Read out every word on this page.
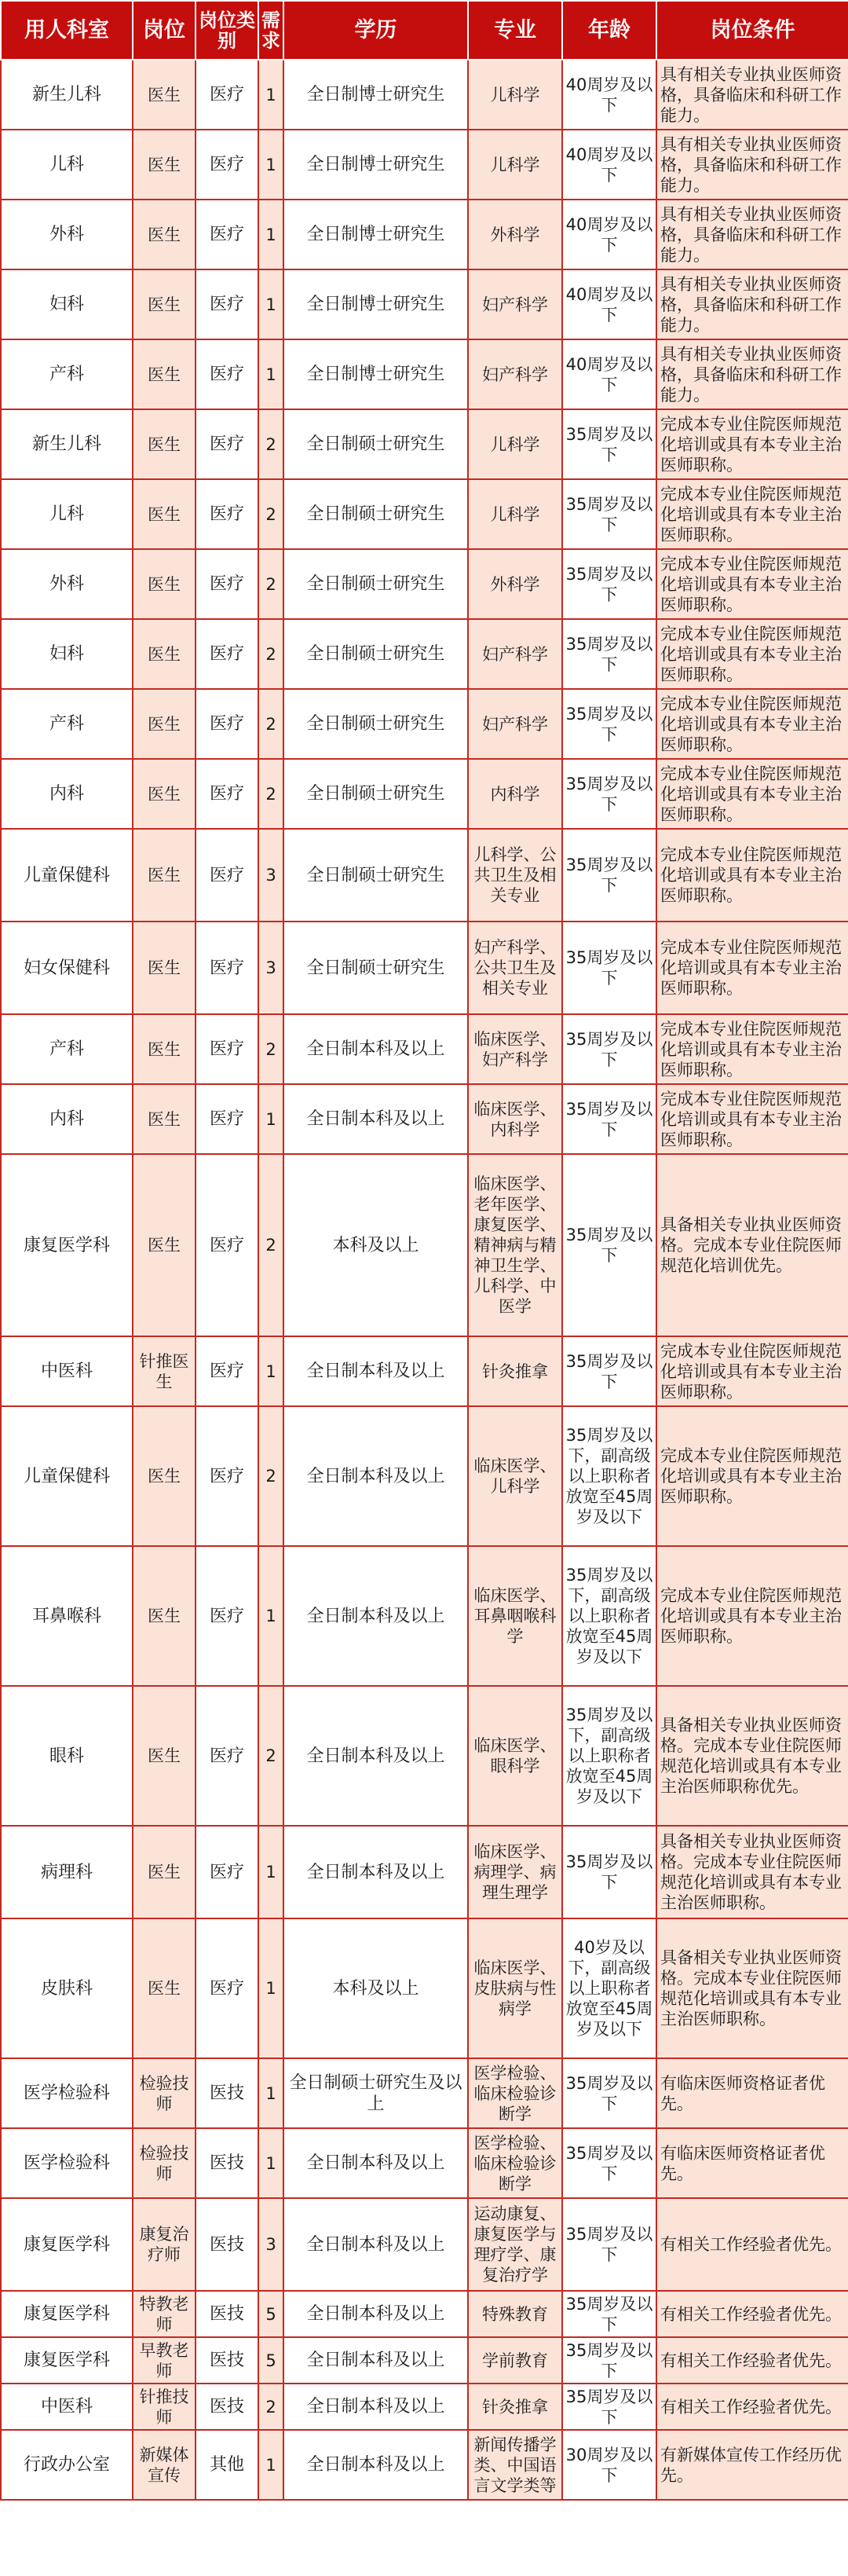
用人科室	岗位	岗位类别	需求	学历	专业	年龄	岗位条件
新生儿科	医生	医疗	1	全日制博士研究生	儿科学	40周岁及以下	具有相关专业执业医师资格，具备临床和科研工作能力。
儿科	医生	医疗	1	全日制博士研究生	儿科学	40周岁及以下	具有相关专业执业医师资格，具备临床和科研工作能力。
外科	医生	医疗	1	全日制博士研究生	外科学	40周岁及以下	具有相关专业执业医师资格，具备临床和科研工作能力。
妇科	医生	医疗	1	全日制博士研究生	妇产科学	40周岁及以下	具有相关专业执业医师资格，具备临床和科研工作能力。
产科	医生	医疗	1	全日制博士研究生	妇产科学	40周岁及以下	具有相关专业执业医师资格，具备临床和科研工作能力。
新生儿科	医生	医疗	2	全日制硕士研究生	儿科学	35周岁及以下	完成本专业住院医师规范化培训或具有本专业主治医师职称。
儿科	医生	医疗	2	全日制硕士研究生	儿科学	35周岁及以下	完成本专业住院医师规范化培训或具有本专业主治医师职称。
外科	医生	医疗	2	全日制硕士研究生	外科学	35周岁及以下	完成本专业住院医师规范化培训或具有本专业主治医师职称。
妇科	医生	医疗	2	全日制硕士研究生	妇产科学	35周岁及以下	完成本专业住院医师规范化培训或具有本专业主治医师职称。
产科	医生	医疗	2	全日制硕士研究生	妇产科学	35周岁及以下	完成本专业住院医师规范化培训或具有本专业主治医师职称。
内科	医生	医疗	2	全日制硕士研究生	内科学	35周岁及以下	完成本专业住院医师规范化培训或具有本专业主治医师职称。
儿童保健科	医生	医疗	3	全日制硕士研究生	儿科学、公共卫生及相关专业	35周岁及以下	完成本专业住院医师规范化培训或具有本专业主治医师职称。
妇女保健科	医生	医疗	3	全日制硕士研究生	妇产科学、公共卫生及相关专业	35周岁及以下	完成本专业住院医师规范化培训或具有本专业主治医师职称。
产科	医生	医疗	2	全日制本科及以上	临床医学、妇产科学	35周岁及以下	完成本专业住院医师规范化培训或具有本专业主治医师职称。
内科	医生	医疗	1	全日制本科及以上	临床医学、内科学	35周岁及以下	完成本专业住院医师规范化培训或具有本专业主治医师职称。
康复医学科	医生	医疗	2	本科及以上	临床医学、老年医学、康复医学、精神病与精神卫生学、儿科学、中医学	35周岁及以下	具备相关专业执业医师资格。完成本专业住院医师规范化培训优先。
中医科	针推医生	医疗	1	全日制本科及以上	针灸推拿	35周岁及以下	完成本专业住院医师规范化培训或具有本专业主治医师职称。
儿童保健科	医生	医疗	2	全日制本科及以上	临床医学、儿科学	35周岁及以下，副高级以上职称者放宽至45周岁及以下	完成本专业住院医师规范化培训或具有本专业主治医师职称。
耳鼻喉科	医生	医疗	1	全日制本科及以上	临床医学、耳鼻咽喉科学	35周岁及以下，副高级以上职称者放宽至45周岁及以下	完成本专业住院医师规范化培训或具有本专业主治医师职称。
眼科	医生	医疗	2	全日制本科及以上	临床医学、眼科学	35周岁及以下，副高级以上职称者放宽至45周岁及以下	具备相关专业执业医师资格。完成本专业住院医师规范化培训或具有本专业主治医师职称优先。
病理科	医生	医疗	1	全日制本科及以上	临床医学、病理学、病理生理学	35周岁及以下	具备相关专业执业医师资格。完成本专业住院医师规范化培训或具有本专业主治医师职称。
皮肤科	医生	医疗	1	本科及以上	临床医学、皮肤病与性病学	40岁及以下，副高级以上职称者放宽至45周岁及以下	具备相关专业执业医师资格。完成本专业住院医师规范化培训或具有本专业主治医师职称。
医学检验科	检验技师	医技	1	全日制硕士研究生及以上	医学检验、临床检验诊断学	35周岁及以下	有临床医师资格证者优先。
医学检验科	检验技师	医技	1	全日制本科及以上	医学检验、临床检验诊断学	35周岁及以下	有临床医师资格证者优先。
康复医学科	康复治疗师	医技	3	全日制本科及以上	运动康复、康复医学与理疗学、康复治疗学	35周岁及以下	有相关工作经验者优先。
康复医学科	特教老师	医技	5	全日制本科及以上	特殊教育	35周岁及以下	有相关工作经验者优先。
康复医学科	早教老师	医技	5	全日制本科及以上	学前教育	35周岁及以下	有相关工作经验者优先。
中医科	针推技师	医技	2	全日制本科及以上	针灸推拿	35周岁及以下	有相关工作经验者优先。
行政办公室	新媒体宣传	其他	1	全日制本科及以上	新闻传播学类、中国语言文学类等	30周岁及以下	有新媒体宣传工作经历优先。
